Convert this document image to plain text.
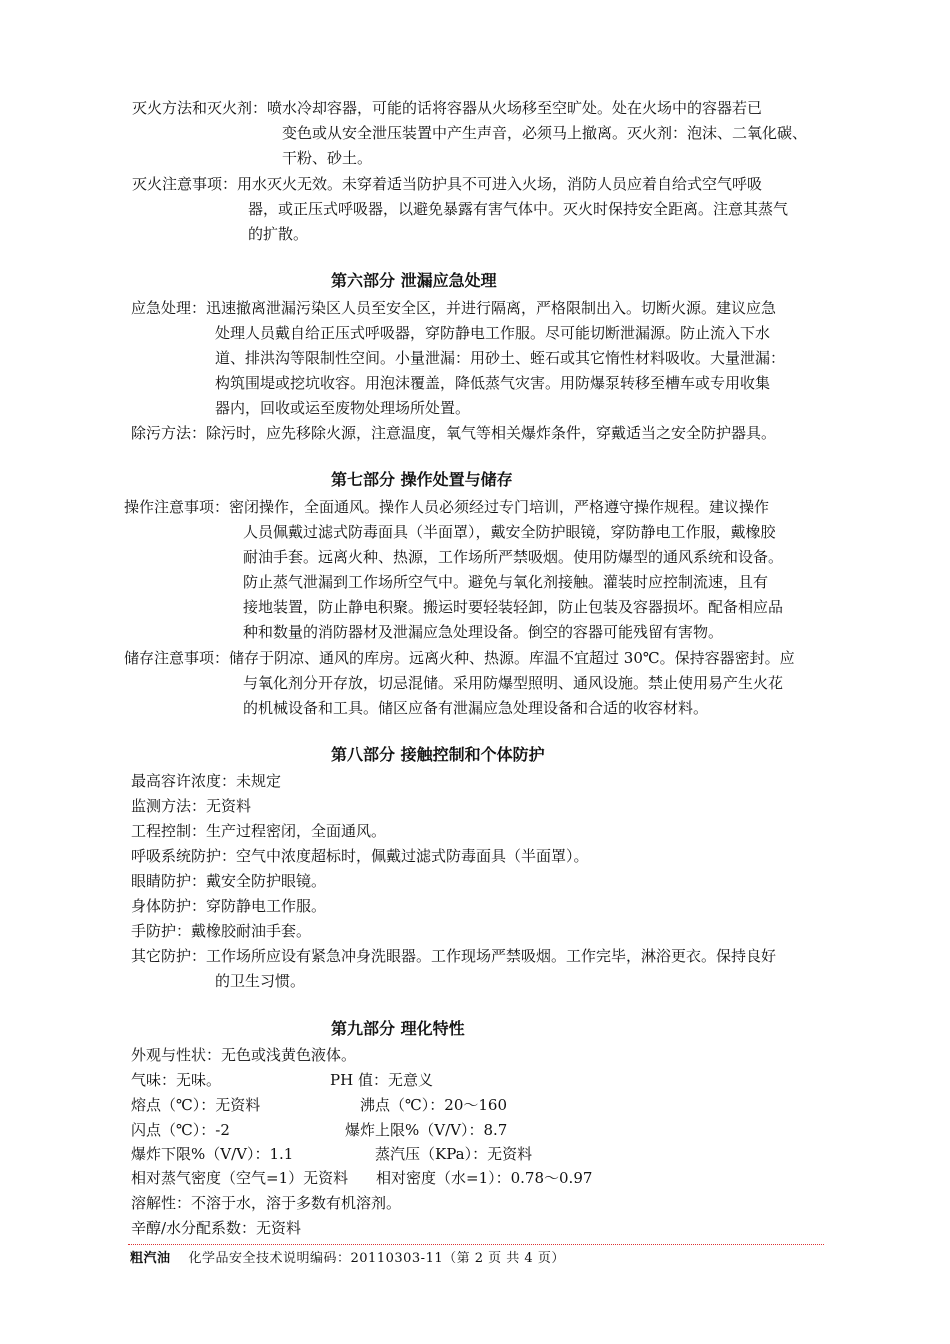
灭火方法和灭火剂：喷水冷却容器，可能的话将容器从火场移至空旷处。处在火场中的容器若已
变色或从安全泄压装置中产生声音，必须马上撤离。灭火剂：泡沫、二氧化碳、
干粉、砂土。
灭火注意事项：用水灭火无效。未穿着适当防护具不可进入火场，消防人员应着自给式空气呼吸
器，或正压式呼吸器，以避免暴露有害气体中。灭火时保持安全距离。注意其蒸气
的扩散。
第六部分 泄漏应急处理
应急处理：迅速撤离泄漏污染区人员至安全区，并进行隔离，严格限制出入。切断火源。建议应急
处理人员戴自给正压式呼吸器，穿防静电工作服。尽可能切断泄漏源。防止流入下水
道、排洪沟等限制性空间。小量泄漏：用砂土、蛭石或其它惰性材料吸收。大量泄漏：
构筑围堤或挖坑收容。用泡沫覆盖，降低蒸气灾害。用防爆泵转移至槽车或专用收集
器内，回收或运至废物处理场所处置。
除污方法：除污时，应先移除火源，注意温度，氧气等相关爆炸条件，穿戴适当之安全防护器具。
第七部分 操作处置与储存
操作注意事项：密闭操作，全面通风。操作人员必须经过专门培训，严格遵守操作规程。建议操作
人员佩戴过滤式防毒面具（半面罩），戴安全防护眼镜，穿防静电工作服，戴橡胶
耐油手套。远离火种、热源，工作场所严禁吸烟。使用防爆型的通风系统和设备。
防止蒸气泄漏到工作场所空气中。避免与氧化剂接触。灌装时应控制流速，且有
接地装置，防止静电积聚。搬运时要轻装轻卸，防止包装及容器损坏。配备相应品
种和数量的消防器材及泄漏应急处理设备。倒空的容器可能残留有害物。
储存注意事项：储存于阴凉、通风的库房。远离火种、热源。库温不宜超过 30℃。保持容器密封。应
与氧化剂分开存放，切忌混储。采用防爆型照明、通风设施。禁止使用易产生火花
的机械设备和工具。储区应备有泄漏应急处理设备和合适的收容材料。
第八部分 接触控制和个体防护
最高容许浓度：未规定
监测方法：无资料
工程控制：生产过程密闭，全面通风。
呼吸系统防护：空气中浓度超标时，佩戴过滤式防毒面具（半面罩）。
眼睛防护：戴安全防护眼镜。
身体防护：穿防静电工作服。
手防护：戴橡胶耐油手套。
其它防护：工作场所应设有紧急冲身洗眼器。工作现场严禁吸烟。工作完毕，淋浴更衣。保持良好
的卫生习惯。
第九部分 理化特性
外观与性状：无色或浅黄色液体。
气味：无味。	PH 值：无意义
熔点（℃）：无资料	沸点（℃）：20～160
闪点（℃）：-2	爆炸上限%（V/V）：8.7
爆炸下限%（V/V）：1.1	蒸汽压（KPa）：无资料
相对蒸气密度（空气=1）无资料 相对密度（水=1）：0.78～0.97
溶解性：不溶于水，溶于多数有机溶剂。
辛醇/水分配系数：无资料
粗汽油 化学品安全技术说明编码：20110303-11（第 2 页 共 4 页）
